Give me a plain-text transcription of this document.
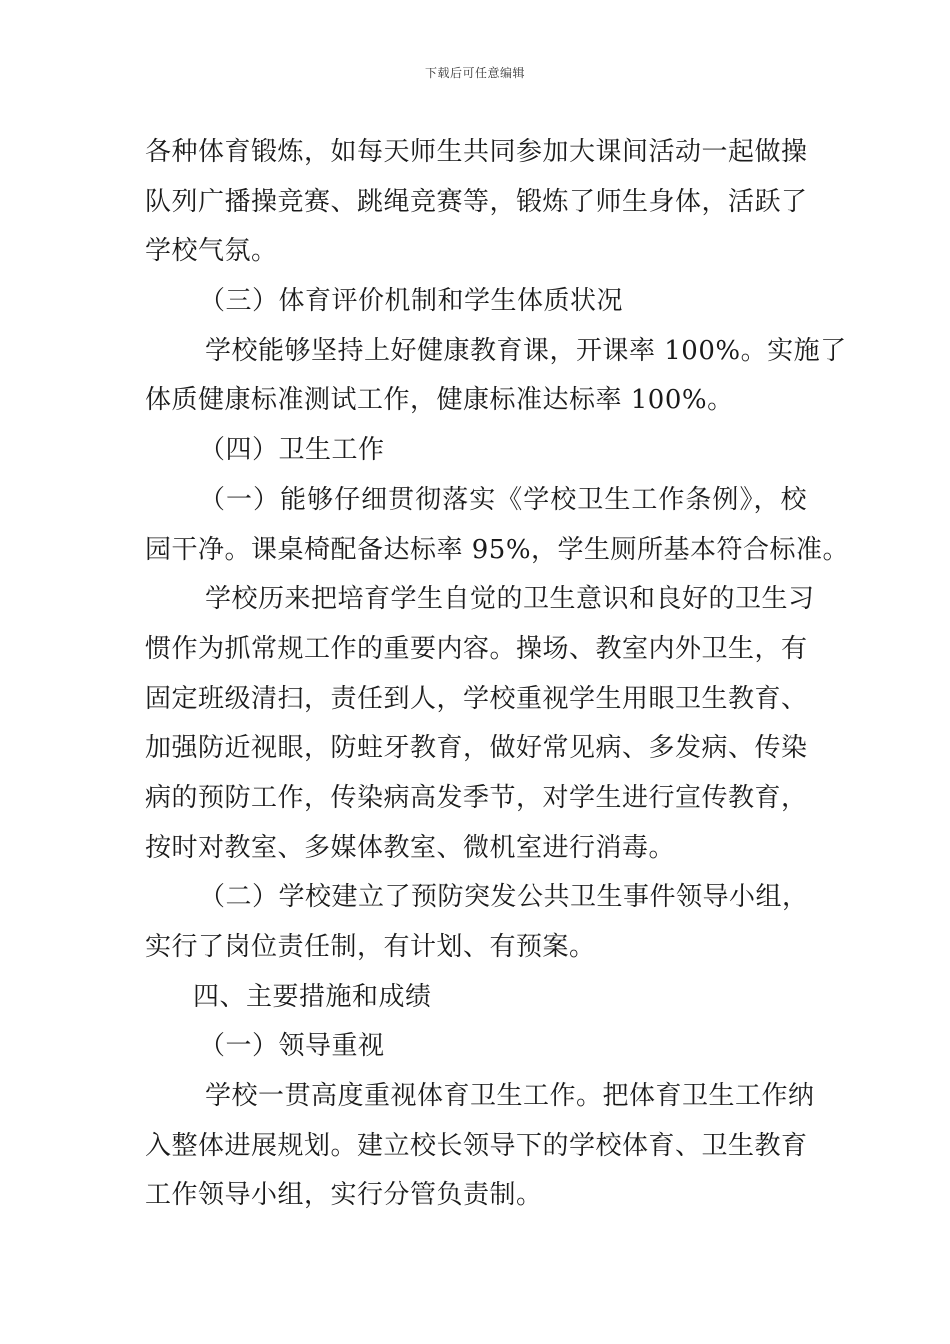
下载后可任意编辑
各种体育锻炼，如每天师生共同参加大课间活动一起做操
队列广播操竞赛、跳绳竞赛等，锻炼了师生身体，活跃了
学校气氛。
（三）体育评价机制和学生体质状况
学校能够坚持上好健康教育课，开课率 100%。实施了
体质健康标准测试工作，健康标准达标率 100%。
（四）卫生工作
（一）能够仔细贯彻落实《学校卫生工作条例》，校
园干净。课桌椅配备达标率 95%，学生厕所基本符合标准。
学校历来把培育学生自觉的卫生意识和良好的卫生习
惯作为抓常规工作的重要内容。操场、教室内外卫生，有
固定班级清扫，责任到人，学校重视学生用眼卫生教育、
加强防近视眼，防蛀牙教育，做好常见病、多发病、传染
病的预防工作，传染病高发季节，对学生进行宣传教育，
按时对教室、多媒体教室、微机室进行消毒。
（二）学校建立了预防突发公共卫生事件领导小组，
实行了岗位责任制，有计划、有预案。
四、主要措施和成绩
（一）领导重视
学校一贯高度重视体育卫生工作。把体育卫生工作纳
入整体进展规划。建立校长领导下的学校体育、卫生教育
工作领导小组，实行分管负责制。
